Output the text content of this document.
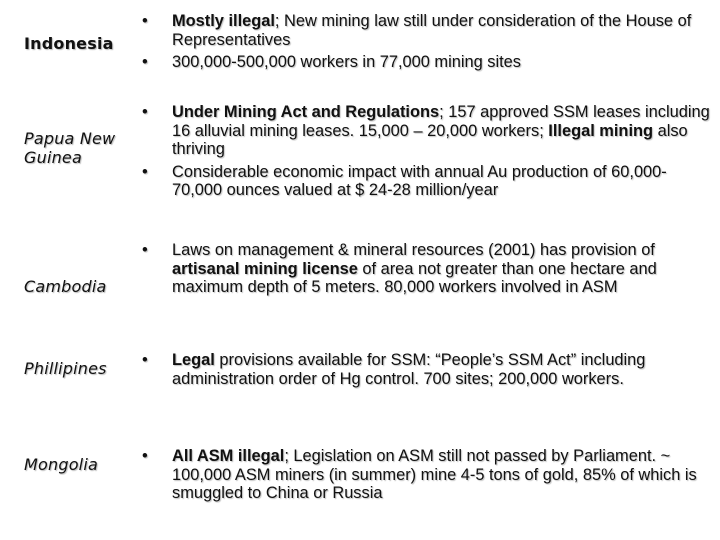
Indonesia
• Mostly illegal; New mining law still under consideration of the House of Representatives
• 300,000-500,000 workers in 77,000 mining sites
Papua New Guinea
• Under Mining Act and Regulations; 157 approved SSM leases including 16 alluvial mining leases. 15,000 – 20,000 workers; Illegal mining also thriving
• Considerable economic impact with annual Au production of 60,000-70,000 ounces valued at $ 24-28 million/year
Cambodia
• Laws on management & mineral resources (2001) has provision of artisanal mining license of area not greater than one hectare and maximum depth of 5 meters. 80,000 workers involved in ASM
Phillipines	• Legal provisions available for SSM: “People’s SSM Act” including administration order of Hg control. 700 sites; 200,000 workers.
Mongolia	• All ASM illegal; Legislation on ASM still not passed by Parliament. ~ 100,000 ASM miners (in summer) mine 4-5 tons of gold, 85% of which is smuggled to China or Russia
